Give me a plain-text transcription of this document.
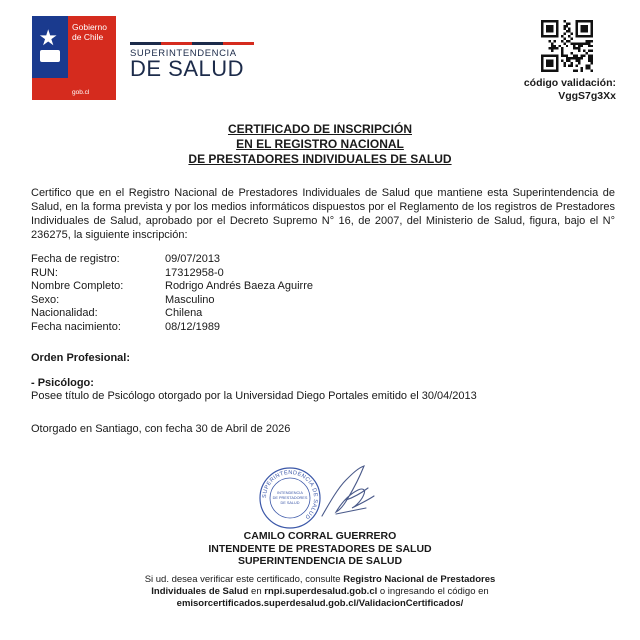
Gobierno
de Chile
gob.cl
SUPERINTENDENCIA
DE SALUD
código validación:
VggS7g3Xx
CERTIFICADO DE INSCRIPCIÓN
EN EL REGISTRO NACIONAL
DE PRESTADORES INDIVIDUALES DE SALUD
Certifico que en el Registro Nacional de Prestadores Individuales de Salud que mantiene esta Superintendencia de Salud, en la forma prevista y por los medios informáticos dispuestos por el Reglamento de los registros de Prestadores Individuales de Salud, aprobado por el Decreto Supremo N° 16, de 2007, del Ministerio de Salud, figura, bajo el N° 236275, la siguiente inscripción:
Fecha de registro:	09/07/2013
RUN:	17312958-0
Nombre Completo:	Rodrigo Andrés Baeza Aguirre
Sexo:	Masculino
Nacionalidad:	Chilena
Fecha nacimiento:	08/12/1989
Orden Profesional:
- Psicólogo:
Posee título de Psicólogo otorgado por la Universidad Diego Portales emitido el 30/04/2013
Otorgado en Santiago, con fecha 30 de Abril de 2026
SUPERINTENDENCIA DE SALUD
INTENDENCIA
DE PRESTADORES
DE SALUD
CAMILO CORRAL GUERRERO
INTENDENTE DE PRESTADORES DE SALUD
SUPERINTENDENCIA DE SALUD
Si ud. desea verificar este certificado, consulte Registro Nacional de Prestadores
Individuales de Salud en rnpi.superdesalud.gob.cl o ingresando el código en
emisorcertificados.superdesalud.gob.cl/ValidacionCertificados/
